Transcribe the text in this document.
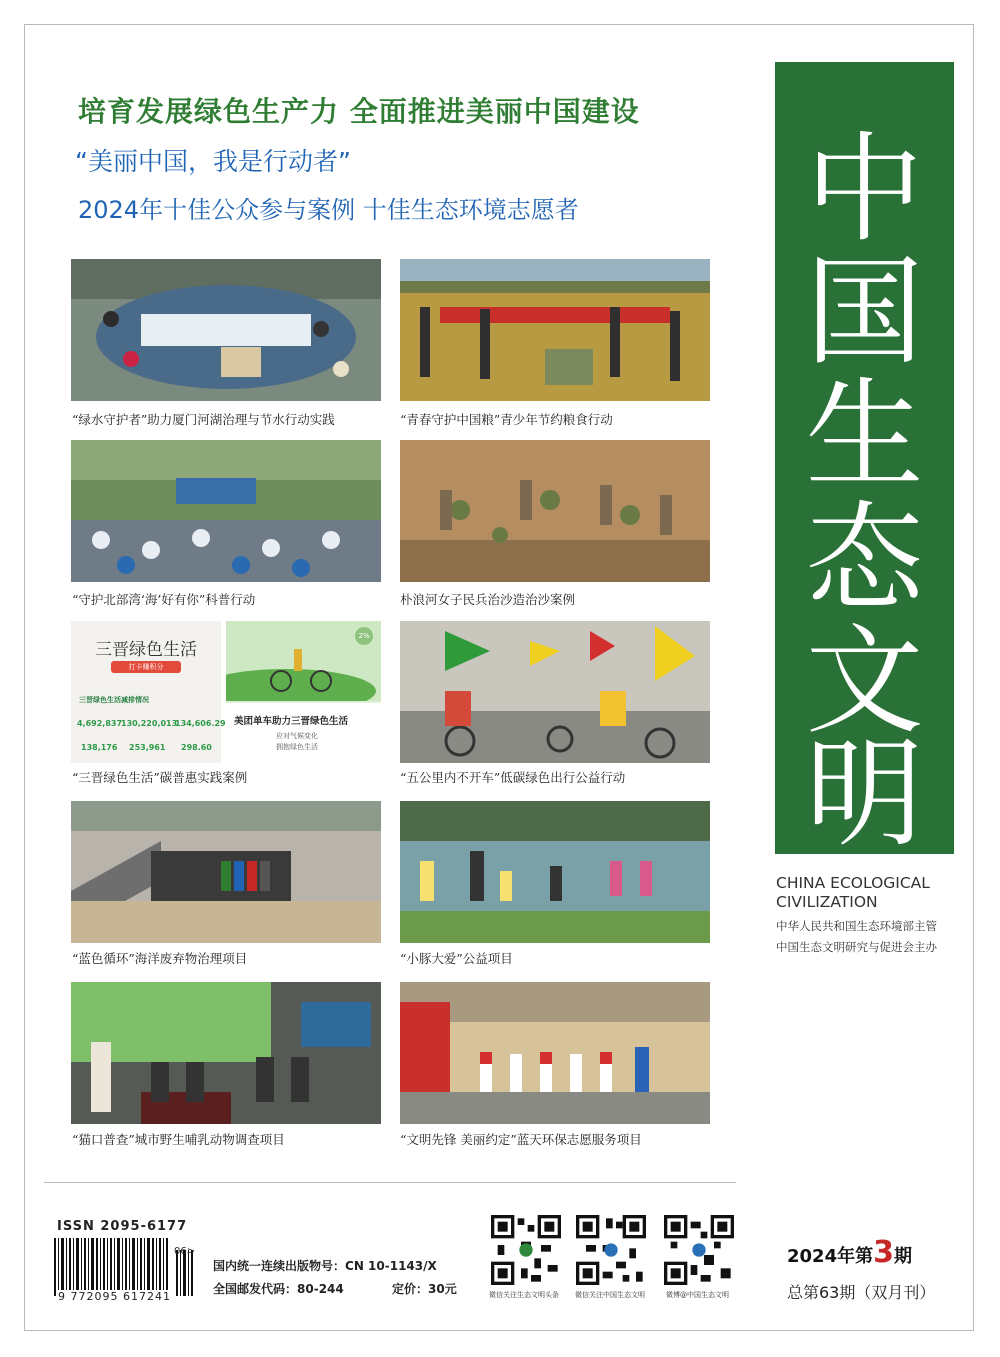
培育发展绿色生产力 全面推进美丽中国建设
“美丽中国，我是行动者”
2024年十佳公众参与案例 十佳生态环境志愿者
“绿水守护者”助力厦门河湖治理与节水行动实践	“青春守护中国粮”青少年节约粮食行动
“守护北部湾‘海’好有你”科普行动	朴浪河女子民兵治沙造治沙案例
三晋绿色生活
打卡赚积分
三晋绿色生活减排情况
4,692,837
130,220,013
134,606.29
138,176 253,961 298.60
2%
美团单车助力三晋绿色生活
应对气候变化
拥抱绿色生活
“三晋绿色生活”碳普惠实践案例	“五公里内不开车”低碳绿色出行公益行动
“蓝色循环”海洋废弃物治理项目	“小豚大爱”公益项目
“猫口普查”城市野生哺乳动物调查项目	“文明先锋 美丽约定”蓝天环保志愿服务项目
中
国
生
态
文
明
CHINA ECOLOGICAL
CIVILIZATION
中华人民共和国生态环境部主管
中国生态文明研究与促进会主办
ISSN 2095-6177
9 772095 617241
06>
国内统一连续出版物号：CN 10-1143/X
全国邮发代码：80-244	定价：30元	微信关注生态文明头条 微信关注中国生态文明	微博@中国生态文明
2024年第3期
总第63期（双月刊）
